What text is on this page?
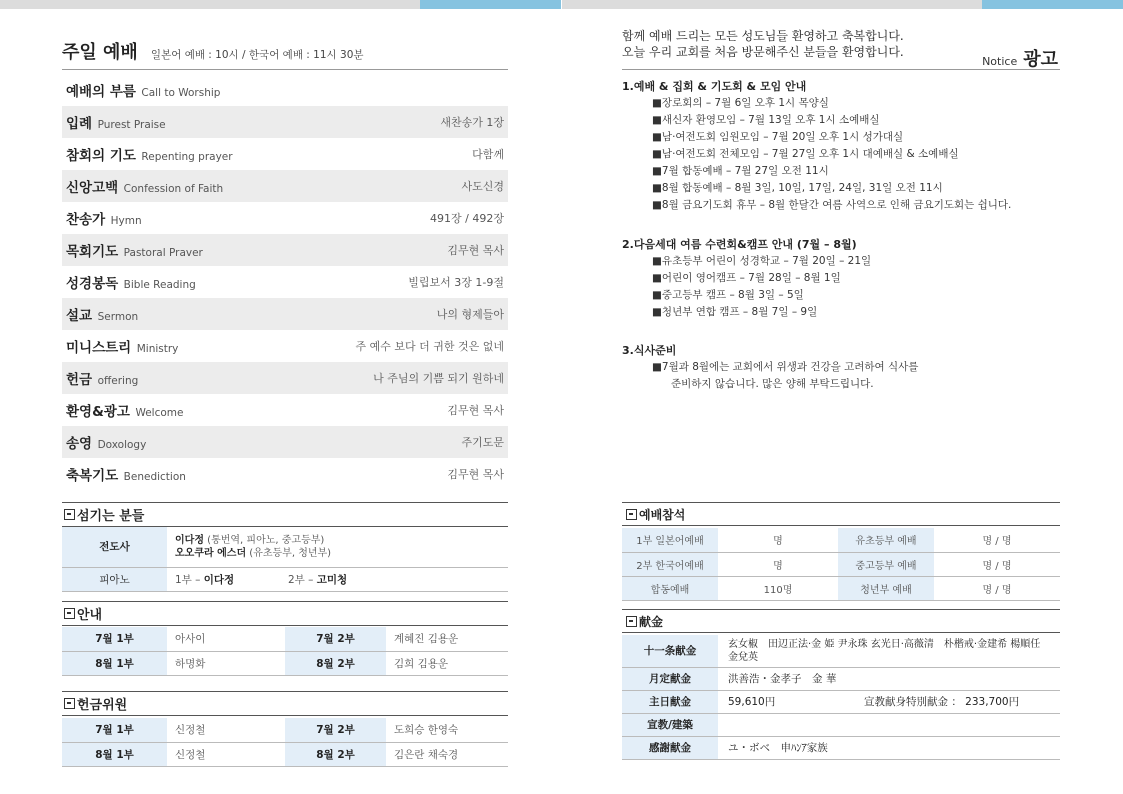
주일 예배 일본어 예배 : 10시 / 한국어 예배 : 11시 30분
예배의 부름 Call to Worship
입례 Purest Praise	새찬송가 1장
참회의 기도 Repenting prayer	다함께
신앙고백 Confession of Faith	사도신경
찬송가 Hymn	491장 / 492장
목회기도 Pastoral Praver	김무현 목사
성경봉독 Bible Reading	빌립보서 3장 1-9절
설교 Sermon	나의 형제들아
미니스트리 Ministry	주 예수 보다 더 귀한 것은 없네
헌금 offering	나 주님의 기쁨 되기 원하네
환영&광고 Welcome	김무현 목사
송영 Doxology	주기도문
축복기도 Benediction	김무현 목사
섬기는 분들
전도사	이다정 (통번역, 피아노, 중고등부)
오오쿠라 에스더 (유초등부, 청년부)
피아노	1부 – 이다정 2부 – 고미청
안내
7월 1부	아사이	7월 2부	계혜진 김용운
8월 1부	하명화	8월 2부	김희 김용운
헌금위원
7월 1부	신정철	7월 2부	도희승 한영숙
8월 1부	신정철	8월 2부	김은란 채숙경
함께 예배 드리는 모든 성도님들 환영하고 축복합니다.
오늘 우리 교회를 처음 방문해주신 분들을 환영합니다.
Notice 광고
1.예배 & 집회 & 기도회 & 모임 안내
■ 장로회의 – 7월 6일 오후 1시 목양실
■ 새신자 환영모임 – 7월 13일 오후 1시 소예배실
■ 남·여전도회 임원모임 – 7월 20일 오후 1시 성가대실
■ 남·여전도회 전체모임 – 7월 27일 오후 1시 대예배실 & 소예배실
■ 7월 합동예배 – 7월 27일 오전 11시
■ 8월 합동예배 – 8월 3일, 10일, 17일, 24일, 31일 오전 11시
■ 8월 금요기도회 휴무 – 8월 한달간 여름 사역으로 인해 금요기도회는 쉽니다.
2.다음세대 여름 수련회&캠프 안내 (7월 – 8월)
■ 유초등부 어린이 성경학교 – 7월 20일 – 21일
■ 어린이 영어캠프 – 7월 28일 – 8월 1일
■ 중고등부 캠프 – 8월 3일 – 5일
■ 청년부 연합 캠프 – 8월 7일 – 9일
3.식사준비
■ 7월과 8월에는 교회에서 위생과 건강을 고려하여 식사를
준비하지 않습니다. 많은 양해 부탁드립니다.
예배참석
1부 일본어예배	명	유초등부 예배	명 / 명
2부 한국어예배	명	중고등부 예배	명 / 명
합동예배	110명	청년부 예배	명 / 명
献金
十一条献金	玄女椒　田辺正法·金 姫 尹永珠 玄光日·高薇清　朴楷戒·金建希 楊順任　金兌英
月定献金	洪善浩・金孝子　金 華
主日献金	59,610円 宣教献身特別献金 ： 233,700円
宣教/建築	
感謝献金	ユ・ボベ　申ﾊﾝｱ家族
